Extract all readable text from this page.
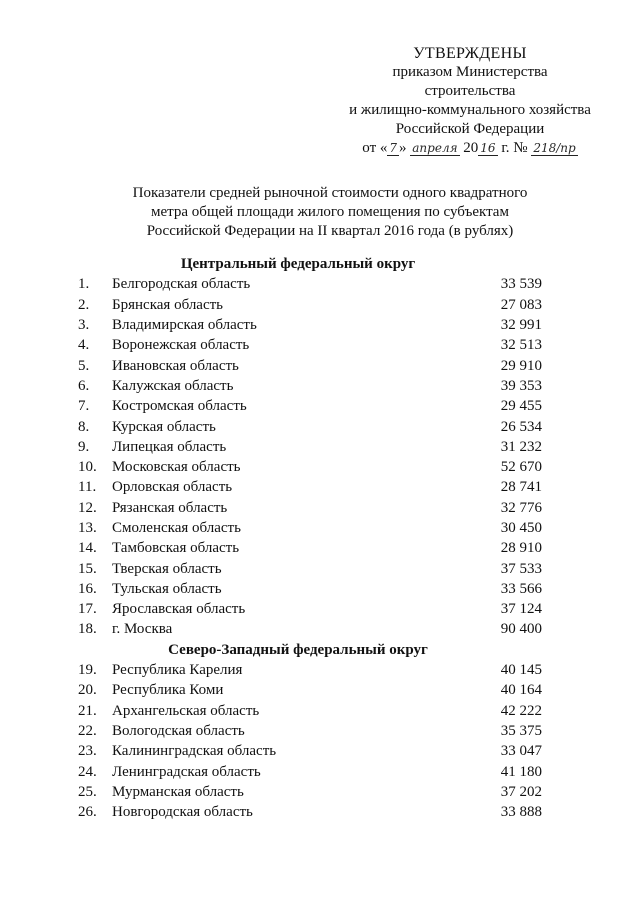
УТВЕРЖДЕНЫ
приказом Министерства
строительства
и жилищно-коммунального хозяйства
Российской Федерации
от « 7 » апреля 20 16 г. № 218/пр
Показатели средней рыночной стоимости одного квадратного
метра общей площади жилого помещения по субъектам
Российской Федерации на II квартал 2016 года (в рублях)
Центральный федеральный округ		
1.	Белгородская область	33 539
2.	Брянская область	27 083
3.	Владимирская область	32 991
4.	Воронежская область	32 513
5.	Ивановская область	29 910
6.	Калужская область	39 353
7.	Костромская область	29 455
8.	Курская область	26 534
9.	Липецкая область	31 232
10.	Московская область	52 670
11.	Орловская область	28 741
12.	Рязанская область	32 776
13.	Смоленская область	30 450
14.	Тамбовская область	28 910
15.	Тверская область	37 533
16.	Тульская область	33 566
17.	Ярославская область	37 124
18.	г. Москва	90 400
Северо-Западный федеральный округ		
19.	Республика Карелия	40 145
20.	Республика Коми	40 164
21.	Архангельская область	42 222
22.	Вологодская область	35 375
23.	Калининградская область	33 047
24.	Ленинградская область	41 180
25.	Мурманская область	37 202
26.	Новгородская область	33 888
